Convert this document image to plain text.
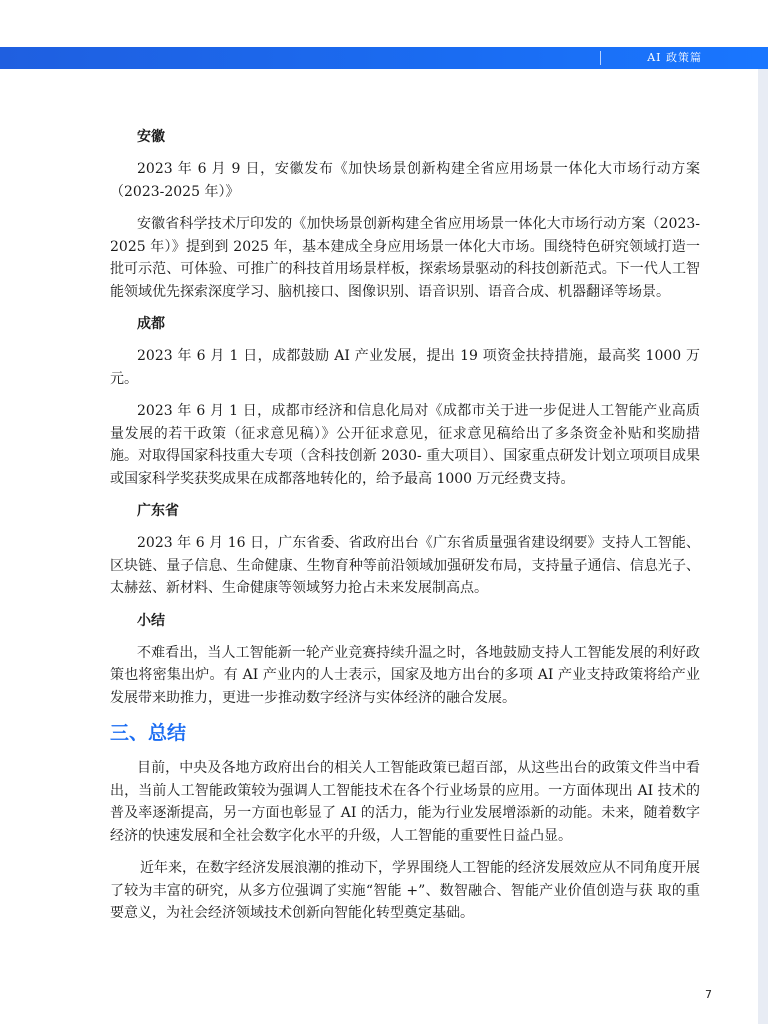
AI 政策篇
安徽

2023 年 6 月 9 日，安徽发布《加快场景创新构建全省应用场景一体化大市场行动方案（2023-2025 年）》

安徽省科学技术厅印发的《加快场景创新构建全省应用场景一体化大市场行动方案（2023-2025 年）》提到到 2025 年，基本建成全身应用场景一体化大市场。围绕特色研究领域打造一批可示范、可体验、可推广的科技首用场景样板，探索场景驱动的科技创新范式。下一代人工智能领域优先探索深度学习、脑机接口、图像识别、语音识别、语音合成、机器翻译等场景。

成都

2023 年 6 月 1 日，成都鼓励 AI 产业发展，提出 19 项资金扶持措施，最高奖 1000 万元。

2023 年 6 月 1 日，成都市经济和信息化局对《成都市关于进一步促进人工智能产业高质量发展的若干政策（征求意见稿）》公开征求意见，征求意见稿给出了多条资金补贴和奖励措施。对取得国家科技重大专项（含科技创新 2030- 重大项目）、国家重点研发计划立项项目成果或国家科学奖获奖成果在成都落地转化的，给予最高 1000 万元经费支持。

广东省

2023 年 6 月 16 日，广东省委、省政府出台《广东省质量强省建设纲要》支持人工智能、区块链、量子信息、生命健康、生物育种等前沿领域加强研发布局，支持量子通信、信息光子、太赫兹、新材料、生命健康等领域努力抢占未来发展制高点。

小结

不难看出，当人工智能新一轮产业竞赛持续升温之时，各地鼓励支持人工智能发展的利好政策也将密集出炉。有 AI 产业内的人士表示，国家及地方出台的多项 AI 产业支持政策将给产业发展带来助推力，更进一步推动数字经济与实体经济的融合发展。

三、总结

目前，中央及各地方政府出台的相关人工智能政策已超百部，从这些出台的政策文件当中看出，当前人工智能政策较为强调人工智能技术在各个行业场景的应用。一方面体现出 AI 技术的普及率逐渐提高，另一方面也彰显了 AI 的活力，能为行业发展增添新的动能。未来，随着数字经济的快速发展和全社会数字化水平的升级，人工智能的重要性日益凸显。

近年来，在数字经济发展浪潮的推动下，学界围绕人工智能的经济发展效应从不同角度开展了较为丰富的研究，从多方位强调了实施“智能 +”、数智融合、智能产业价值创造与获 取的重要意义，为社会经济领域技术创新向智能化转型奠定基础。

7
